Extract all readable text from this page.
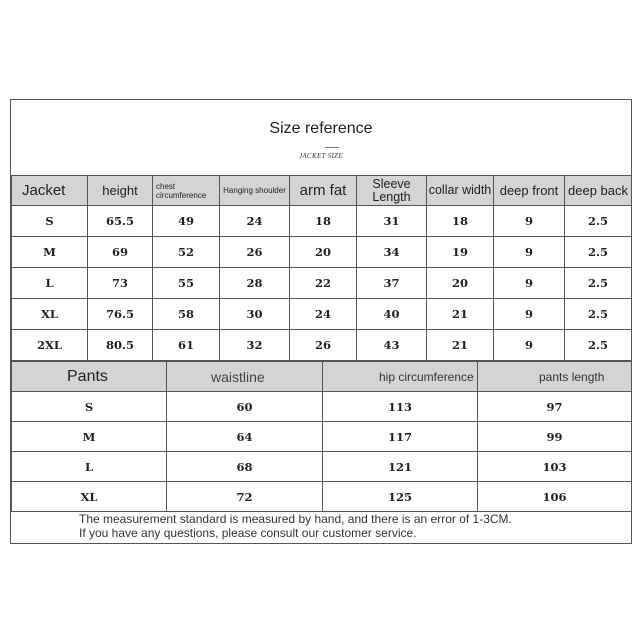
Size reference
JACKET SIZE
Jacket	height	chest circumference	Hanging shoulder	arm fat	Sleeve Length	collar width	deep front	deep back
S	65.5	49	24	18	31	18	9	2.5
M	69	52	26	20	34	19	9	2.5
L	73	55	28	22	37	20	9	2.5
XL	76.5	58	30	24	40	21	9	2.5
2XL	80.5	61	32	26	43	21	9	2.5
Pants	waistline	hip circumference	pants length
S	60	113	97
M	64	117	99
L	68	121	103
XL	72	125	106
The measurement standard is measured by hand, and there is an error of 1-3CM.
If you have any questions, please consult our customer service.
